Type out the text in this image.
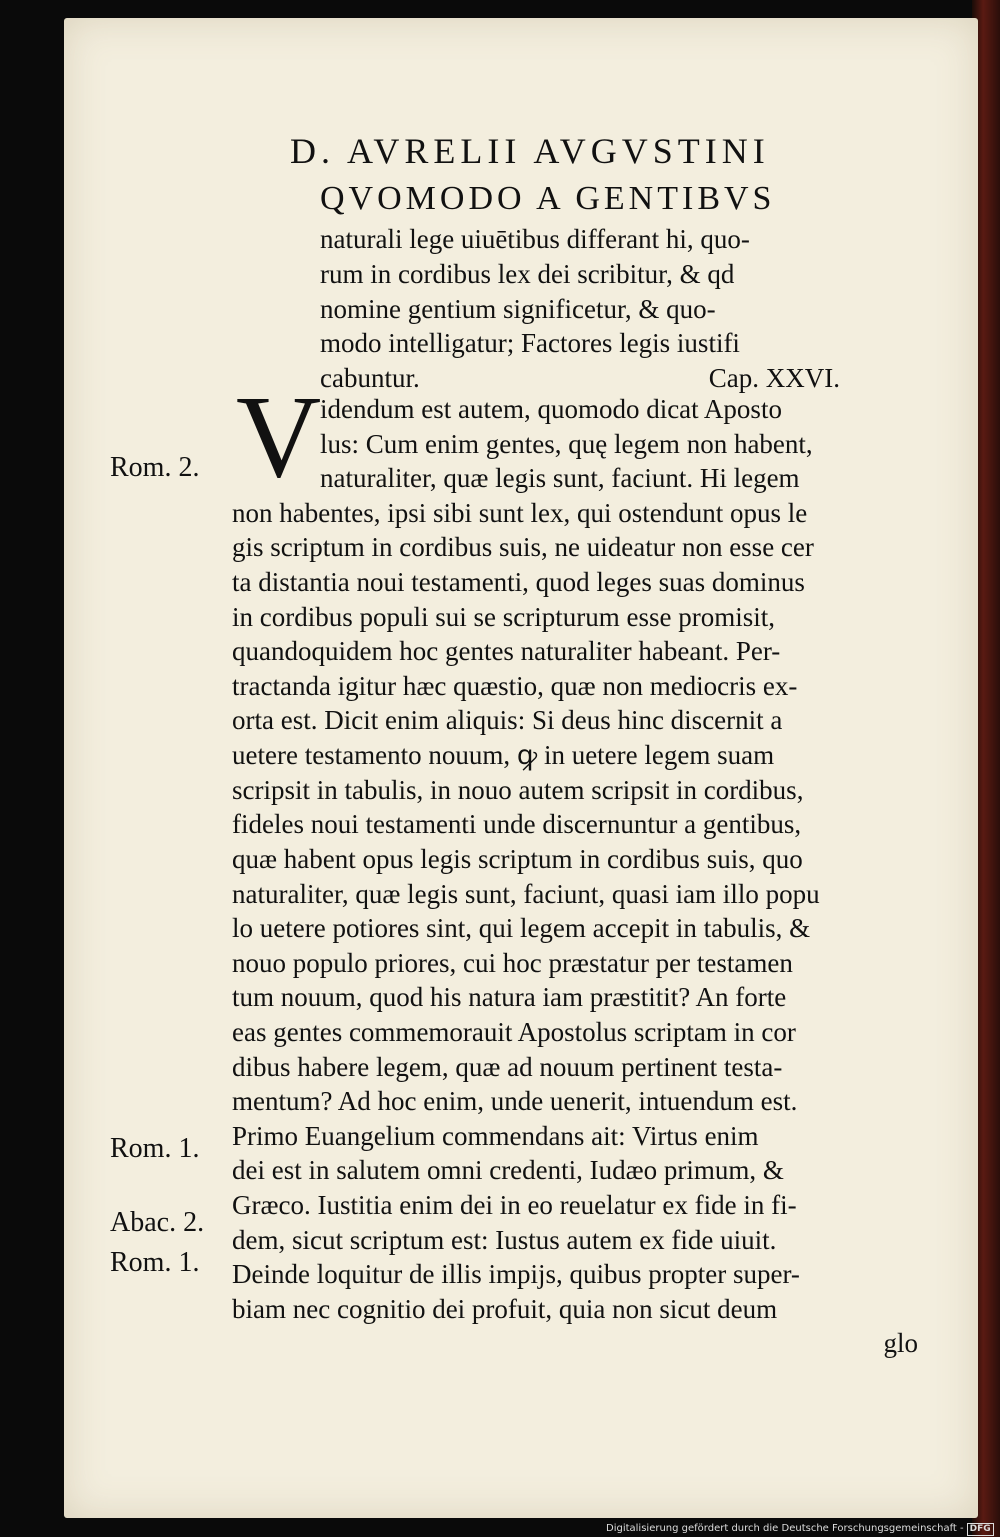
D. AVRELII AVGVSTINI
QVOMODO A GENTIBVS
naturali lege uiuētibus differant hi, quo-
rum in cordibus lex dei scribitur, & qd
nomine gentium significetur, & quo-
modo intelligatur; Factores legis iustifi
cabuntur.	Cap. XXVI.
V
idendum est autem, quomodo dicat Aposto
lus: Cum enim gentes, quę legem non habent,
naturaliter, quæ legis sunt, faciunt. Hi legem
non habentes, ipsi sibi sunt lex, qui ostendunt opus le
gis scriptum in cordibus suis, ne uideatur non esse cer
ta distantia noui testamenti, quod leges suas dominus
in cordibus populi sui se scripturum esse promisit,
quandoquidem hoc gentes naturaliter habeant. Per-
tractanda igitur hæc quæstio, quæ non mediocris ex-
orta est. Dicit enim aliquis: Si deus hinc discernit a
uetere testamento nouum, ꝙ in uetere legem suam
scripsit in tabulis, in nouo autem scripsit in cordibus,
fideles noui testamenti unde discernuntur a gentibus,
quæ habent opus legis scriptum in cordibus suis, quo
naturaliter, quæ legis sunt, faciunt, quasi iam illo popu
lo uetere potiores sint, qui legem accepit in tabulis, &
nouo populo priores, cui hoc præstatur per testamen
tum nouum, quod his natura iam præstitit? An forte
eas gentes commemorauit Apostolus scriptam in cor
dibus habere legem, quæ ad nouum pertinent testa-
mentum? Ad hoc enim, unde uenerit, intuendum est.
Primo Euangelium commendans ait: Virtus enim
dei est in salutem omni credenti, Iudæo primum, &
Græco. Iustitia enim dei in eo reuelatur ex fide in fi-
dem, sicut scriptum est: Iustus autem ex fide uiuit.
Deinde loquitur de illis impijs, quibus propter super-
biam nec cognitio dei profuit, quia non sicut deum
glo
Rom. 2.
Rom. 1.
Abac. 2.
Rom. 1.
Digitalisierung gefördert durch die Deutsche Forschungsgemeinschaft - DFG
